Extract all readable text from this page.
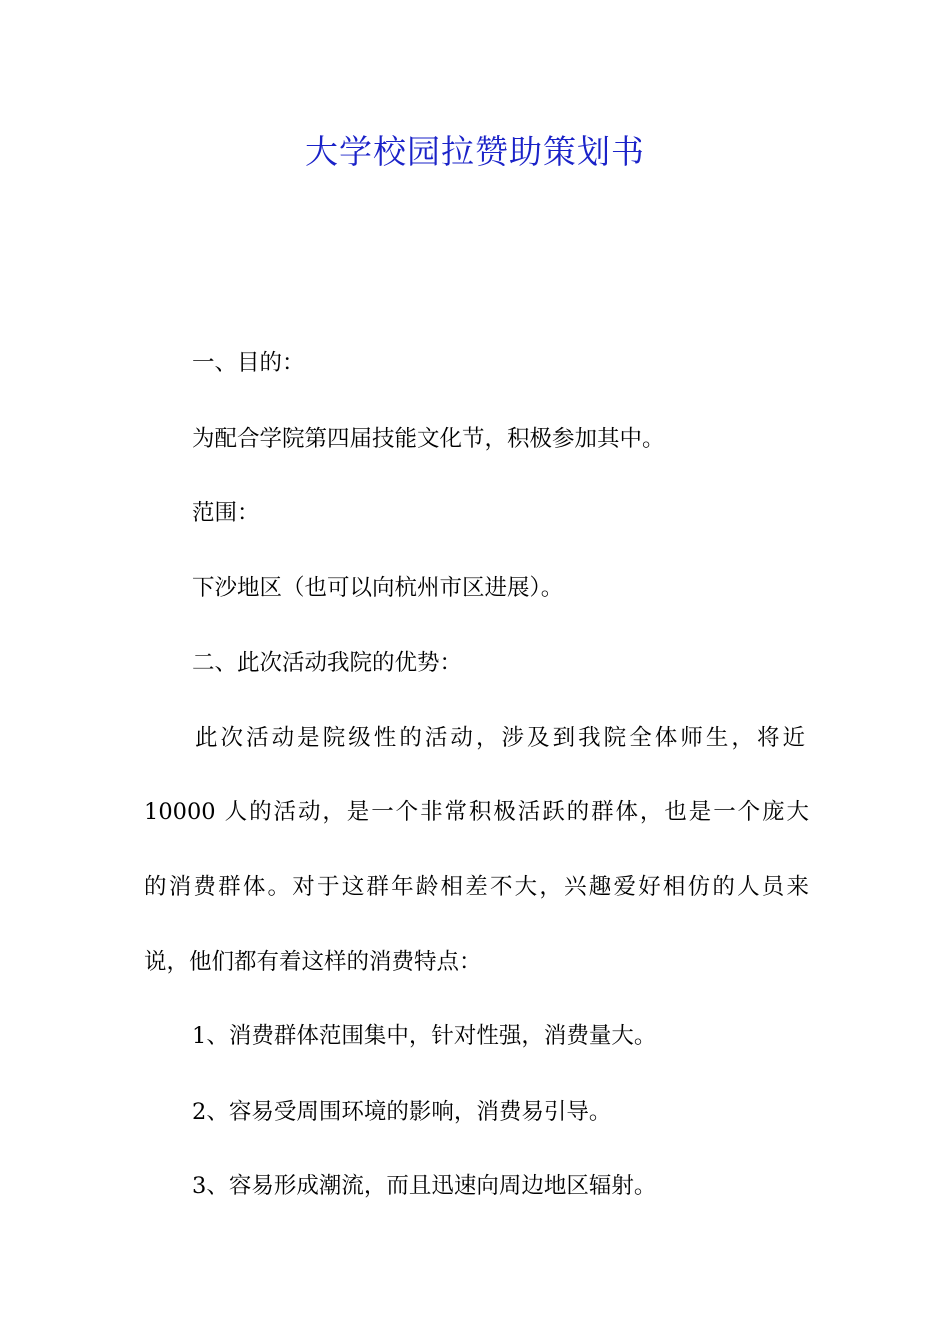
大学校园拉赞助策划书
一、目的：
为配合学院第四届技能文化节，积极参加其中。
范围：
下沙地区（也可以向杭州市区进展）。
二、此次活动我院的优势：
此次活动是院级性的活动，涉及到我院全体师生，将近
10000 人的活动，是一个非常积极活跃的群体，也是一个庞大
的消费群体。对于这群年龄相差不大，兴趣爱好相仿的人员来
说，他们都有着这样的消费特点：
1、消费群体范围集中，针对性强，消费量大。
2、容易受周围环境的影响，消费易引导。
3、容易形成潮流，而且迅速向周边地区辐射。
